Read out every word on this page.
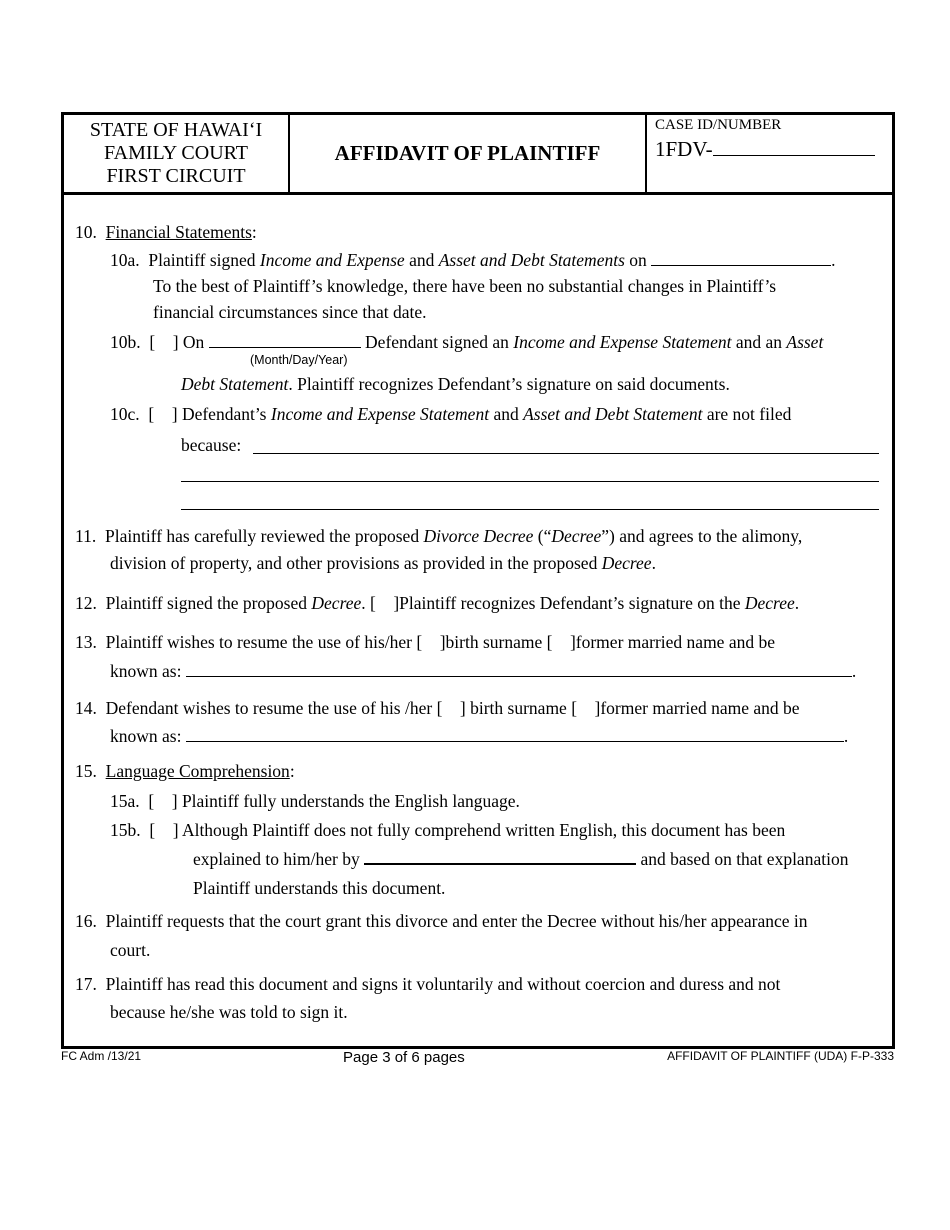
STATE OF HAWAI‘I
FAMILY COURT
FIRST CIRCUIT
AFFIDAVIT OF PLAINTIFF
CASE ID/NUMBER
1FDV-
10. Financial Statements:
10a. Plaintiff signed Income and Expense and Asset and Debt Statements on	.
To the best of Plaintiff’s knowledge, there have been no substantial changes in Plaintiff’s
financial circumstances since that date.
10b. [ ] On	Defendant signed an Income and Expense Statement and an Asset
(Month/Day/Year)
Debt Statement. Plaintiff recognizes Defendant’s signature on said documents.
10c. [ ] Defendant’s Income and Expense Statement and Asset and Debt Statement are not filed
because:
11. Plaintiff has carefully reviewed the proposed Divorce Decree (“Decree”) and agrees to the alimony,
division of property, and other provisions as provided in the proposed Decree.
12. Plaintiff signed the proposed Decree. [ ]Plaintiff recognizes Defendant’s signature on the Decree.
13. Plaintiff wishes to resume the use of his/her [ ]birth surname [ ]former married name and be
known as:	.
14. Defendant wishes to resume the use of his /her [ ] birth surname [ ]former married name and be
known as:	.
15. Language Comprehension:
15a. [ ] Plaintiff fully understands the English language.
15b. [ ] Although Plaintiff does not fully comprehend written English, this document has been
explained to him/her by	and based on that explanation
Plaintiff understands this document.
16. Plaintiff requests that the court grant this divorce and enter the Decree without his/her appearance in
court.
17. Plaintiff has read this document and signs it voluntarily and without coercion and duress and not
because he/she was told to sign it.
FC Adm /13/21	Page 3 of 6 pages	AFFIDAVIT OF PLAINTIFF (UDA) F-P-333
